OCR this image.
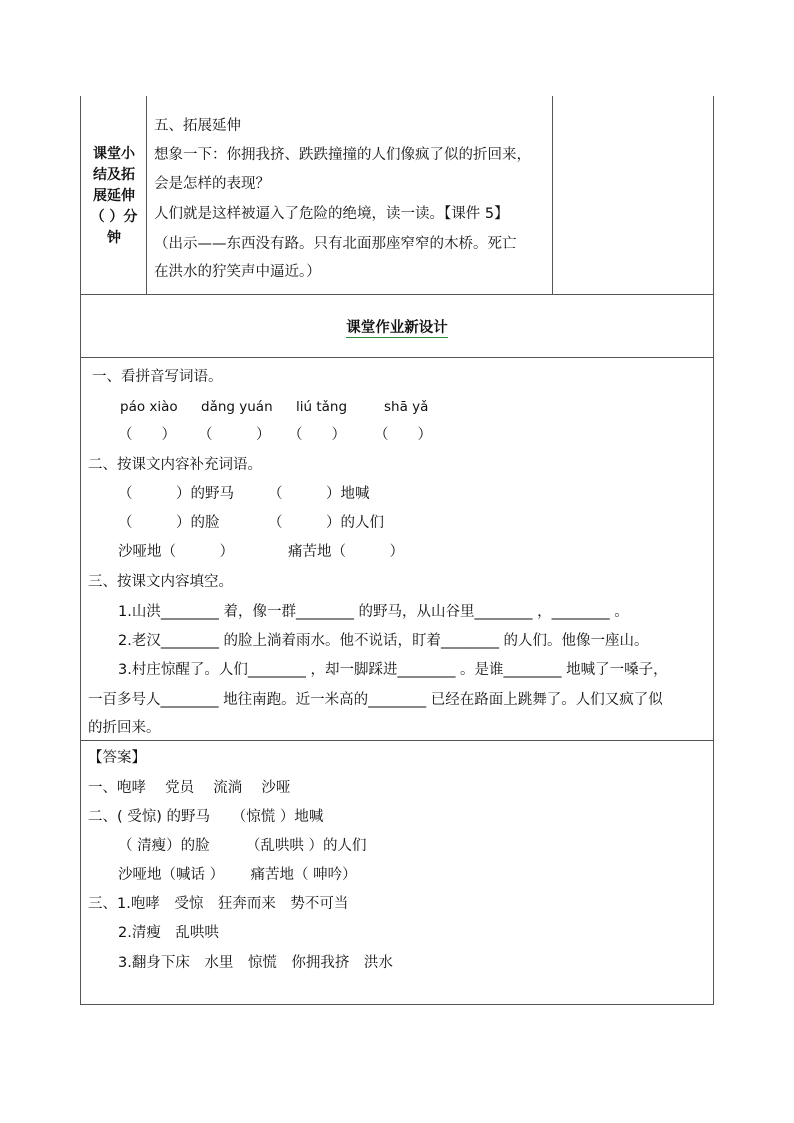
课堂小
结及拓
展延伸
（ ）分
钟
五、拓展延伸
想象一下：你拥我挤、跌跌撞撞的人们像疯了似的折回来，
会是怎样的表现？
人们就是这样被逼入了危险的绝境，读一读。【课件 5】
（出示——东西没有路。只有北面那座窄窄的木桥。死亡
在洪水的狞笑声中逼近。）
课堂作业新设计
一、看拼音写词语。
páo xiào dǎng yuán liú tǎng	shā yǎ
（　　） （　　　） （　　） （　　）
二、按课文内容补充词语。
（　　　）的野马 （　　　）地喊
（　　　）的脸	（　　　）的人们
沙哑地（　　　）	痛苦地（　　　）
三、按课文内容填空。
1.山洪________ 着，像一群________ 的野马，从山谷里________ ，________ 。
2.老汉________ 的脸上淌着雨水。他不说话，盯着________ 的人们。他像一座山。
3.村庄惊醒了。人们________ ，却一脚踩进________ 。是谁________ 地喊了一嗓子，
一百多号人________ 地往南跑。近一米高的________ 已经在路面上跳舞了。人们又疯了似
的折回来。
【答案】
一、咆哮　 党员　 流淌　 沙哑
二、( 受惊) 的野马　　（惊慌 ）地喊
（ 清瘦）的脸　　　（乱哄哄 ）的人们
沙哑地（喊话 ）　　 痛苦地（ 呻吟）
三、1.咆哮　受惊　狂奔而来　势不可当
2.清瘦　乱哄哄
3.翻身下床　水里　惊慌　你拥我挤　洪水
